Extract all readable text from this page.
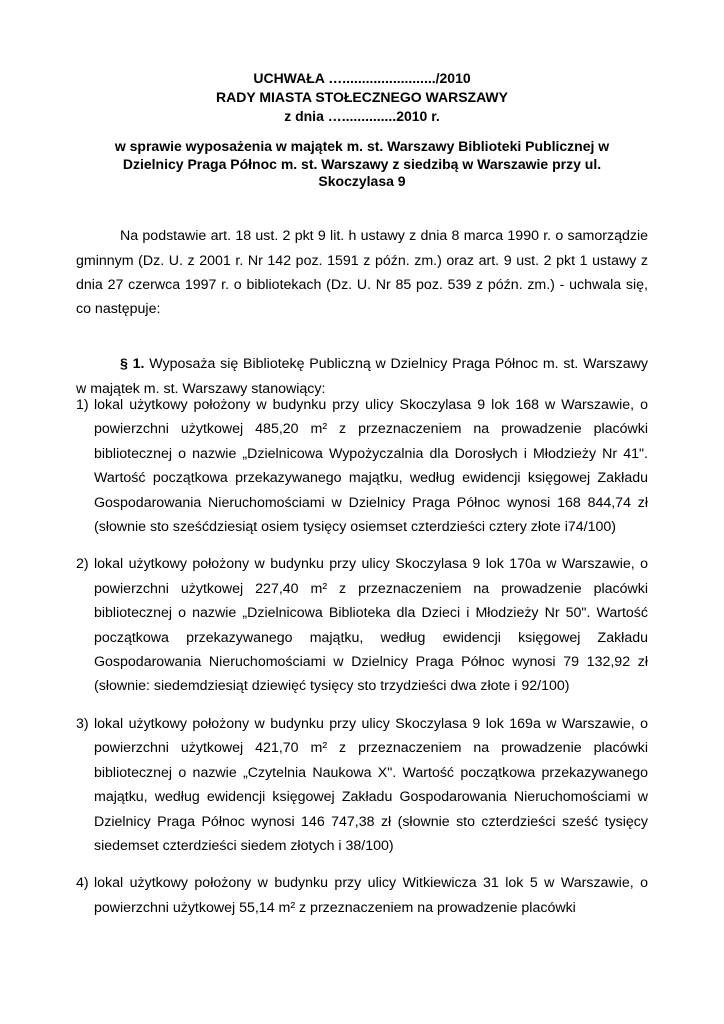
UCHWAŁA …......................../2010
RADY MIASTA STOŁECZNEGO WARSZAWY
z dnia …..............2010 r.
w sprawie wyposażenia w majątek m. st. Warszawy Biblioteki Publicznej w Dzielnicy Praga Północ m. st. Warszawy z siedzibą w Warszawie przy ul. Skoczylasa 9

Na podstawie art. 18 ust. 2 pkt 9 lit. h ustawy z dnia 8 marca 1990 r. o samorządzie gminnym (Dz. U. z 2001 r. Nr 142 poz. 1591 z późn. zm.) oraz art. 9 ust. 2 pkt 1 ustawy z dnia 27 czerwca 1997 r. o bibliotekach (Dz. U. Nr 85 poz. 539 z późn. zm.) - uchwala się, co następuje:

§ 1. Wyposaża się Bibliotekę Publiczną w Dzielnicy Praga Północ m. st. Warszawy w majątek m. st. Warszawy stanowiący:

1) lokal użytkowy położony w budynku przy ulicy Skoczylasa 9 lok 168 w Warszawie, o powierzchni użytkowej 485,20 m² z przeznaczeniem na prowadzenie placówki bibliotecznej o nazwie „Dzielnicowa Wypożyczalnia dla Dorosłych i Młodzieży Nr 41". Wartość początkowa przekazywanego majątku, według ewidencji księgowej Zakładu Gospodarowania Nieruchomościami w Dzielnicy Praga Północ wynosi 168 844,74 zł (słownie sto sześćdziesiąt osiem tysięcy osiemset czterdzieści cztery złote i74/100)
2) lokal użytkowy położony w budynku przy ulicy Skoczylasa 9 lok 170a w Warszawie, o powierzchni użytkowej 227,40 m² z przeznaczeniem na prowadzenie placówki bibliotecznej o nazwie „Dzielnicowa Biblioteka dla Dzieci i Młodzieży Nr 50". Wartość początkowa przekazywanego majątku, według ewidencji księgowej Zakładu Gospodarowania Nieruchomościami w Dzielnicy Praga Północ wynosi 79 132,92 zł (słownie: siedemdziesiąt dziewięć tysięcy sto trzydzieści dwa złote i 92/100)
3) lokal użytkowy położony w budynku przy ulicy Skoczylasa 9 lok 169a w Warszawie, o powierzchni użytkowej 421,70 m² z przeznaczeniem na prowadzenie placówki bibliotecznej o nazwie „Czytelnia Naukowa X". Wartość początkowa przekazywanego majątku, według ewidencji księgowej Zakładu Gospodarowania Nieruchomościami w Dzielnicy Praga Północ wynosi 146 747,38 zł (słownie sto czterdzieści sześć tysięcy siedemset czterdzieści siedem złotych i 38/100)
4) lokal użytkowy położony w budynku przy ulicy Witkiewicza 31 lok 5 w Warszawie, o powierzchni użytkowej 55,14 m² z przeznaczeniem na prowadzenie placówki
